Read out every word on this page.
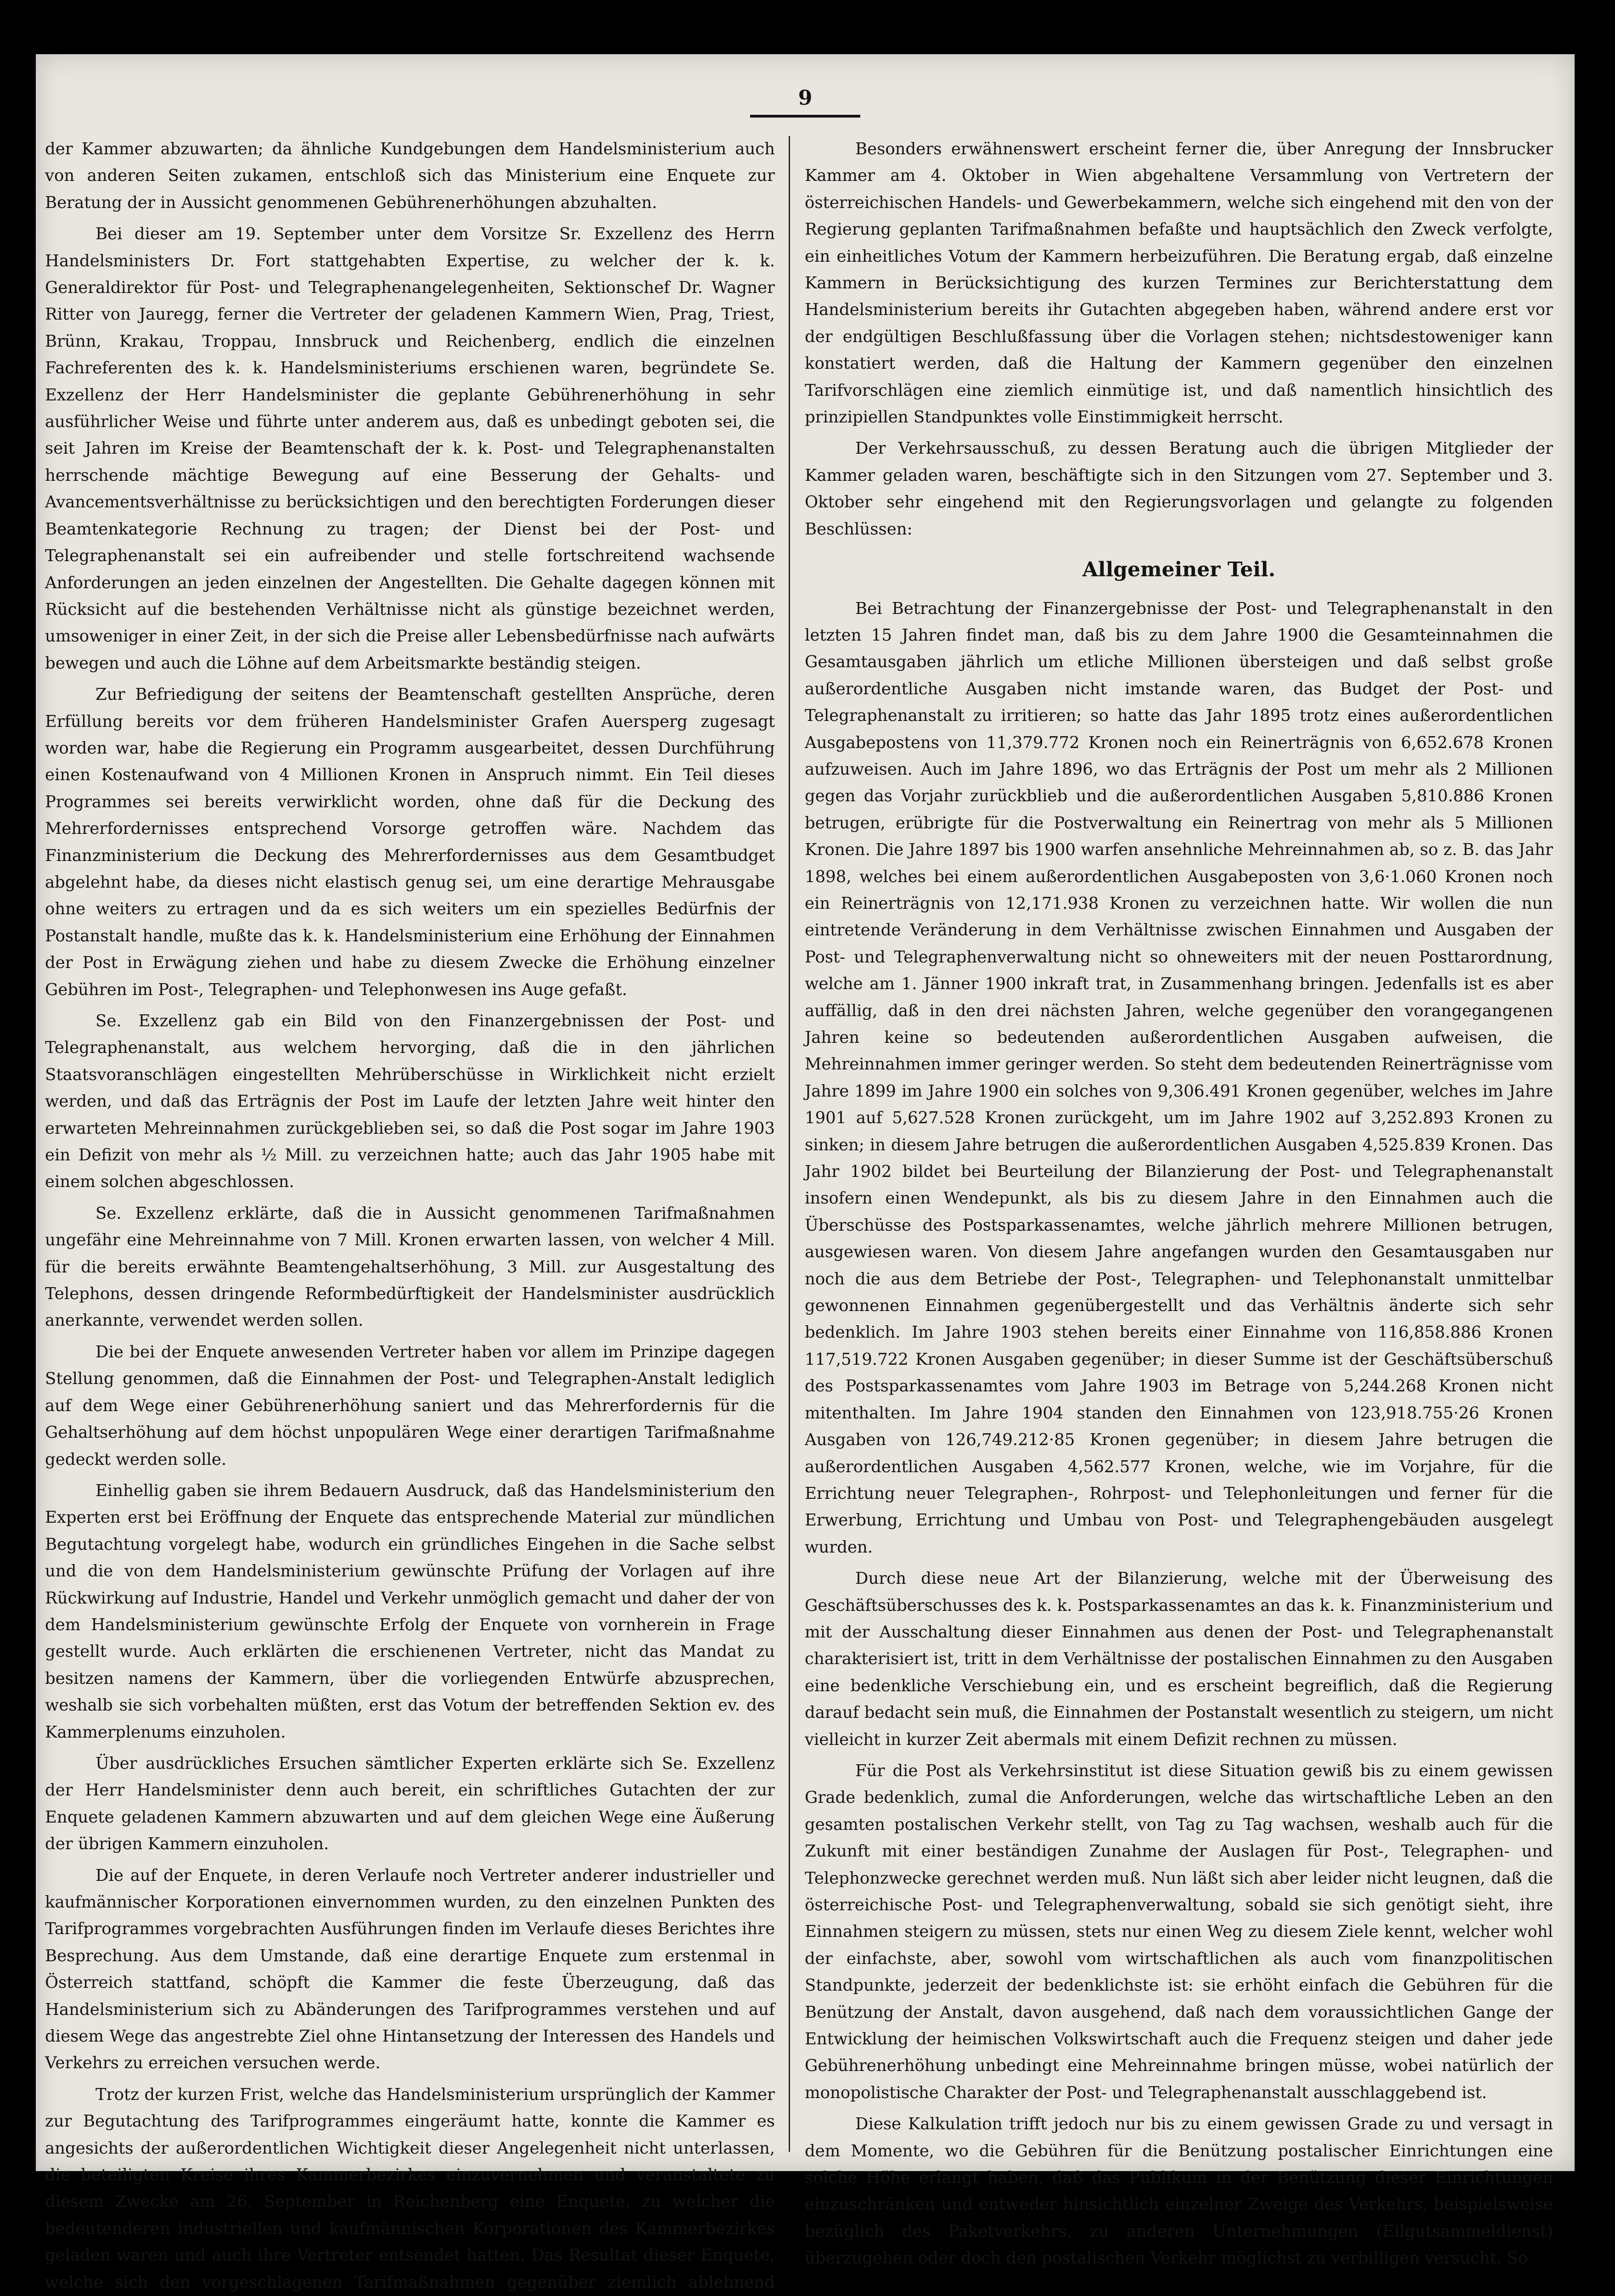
r
r
t
b
b
t
s
b
b
b
s
b
b
s
d
9

der Kammer abzuwarten; da ähnliche Kundgebungen dem Handelsministerium auch von anderen Seiten zukamen, entschloß sich das Ministerium eine Enquete zur Beratung der in Aussicht genommenen Gebührenerhöhungen abzuhalten.

Bei dieser am 19. September unter dem Vorsitze Sr. Exzellenz des Herrn Handelsministers Dr. Fort stattgehabten Expertise, zu welcher der k. k. Generaldirektor für Post- und Telegraphenangelegenheiten, Sektionschef Dr. Wagner Ritter von Jauregg, ferner die Vertreter der geladenen Kammern Wien, Prag, Triest, Brünn, Krakau, Troppau, Innsbruck und Reichenberg, endlich die einzelnen Fachreferenten des k. k. Handelsministeriums erschienen waren, begründete Se. Exzellenz der Herr Handelsminister die geplante Gebührenerhöhung in sehr ausführlicher Weise und führte unter anderem aus, daß es unbedingt geboten sei, die seit Jahren im Kreise der Beamtenschaft der k. k. Post- und Telegraphenanstalten herrschende mächtige Bewegung auf eine Besserung der Gehalts- und Avancementsverhältnisse zu berücksichtigen und den berechtigten Forderungen dieser Beamtenkategorie Rechnung zu tragen; der Dienst bei der Post- und Telegraphenanstalt sei ein aufreibender und stelle fortschreitend wachsende Anforderungen an jeden einzelnen der Angestellten. Die Gehalte dagegen können mit Rücksicht auf die bestehenden Verhältnisse nicht als günstige bezeichnet werden, umsoweniger in einer Zeit, in der sich die Preise aller Lebensbedürfnisse nach aufwärts bewegen und auch die Löhne auf dem Arbeitsmarkte beständig steigen.

Zur Befriedigung der seitens der Beamtenschaft gestellten Ansprüche, deren Erfüllung bereits vor dem früheren Handelsminister Grafen Auersperg zugesagt worden war, habe die Regierung ein Programm ausgearbeitet, dessen Durchführung einen Kostenaufwand von 4 Millionen Kronen in Anspruch nimmt. Ein Teil dieses Programmes sei bereits verwirklicht worden, ohne daß für die Deckung des Mehrerfordernisses entsprechend Vorsorge getroffen wäre. Nachdem das Finanzministerium die Deckung des Mehrerfordernisses aus dem Gesamtbudget abgelehnt habe, da dieses nicht elastisch genug sei, um eine derartige Mehrausgabe ohne weiters zu ertragen und da es sich weiters um ein spezielles Bedürfnis der Postanstalt handle, mußte das k. k. Handelsministerium eine Erhöhung der Einnahmen der Post in Erwägung ziehen und habe zu diesem Zwecke die Erhöhung einzelner Gebühren im Post-, Telegraphen- und Telephonwesen ins Auge gefaßt.

Se. Exzellenz gab ein Bild von den Finanzergebnissen der Post- und Telegraphenanstalt, aus welchem hervorging, daß die in den jährlichen Staatsvoranschlägen eingestellten Mehrüberschüsse in Wirklichkeit nicht erzielt werden, und daß das Erträgnis der Post im Laufe der letzten Jahre weit hinter den erwarteten Mehreinnahmen zurückgeblieben sei, so daß die Post sogar im Jahre 1903 ein Defizit von mehr als ½ Mill. zu verzeichnen hatte; auch das Jahr 1905 habe mit einem solchen abgeschlossen.

Se. Exzellenz erklärte, daß die in Aussicht genommenen Tarifmaßnahmen ungefähr eine Mehreinnahme von 7 Mill. Kronen erwarten lassen, von welcher 4 Mill. für die bereits erwähnte Beamtengehaltserhöhung, 3 Mill. zur Ausgestaltung des Telephons, dessen dringende Reformbedürftigkeit der Handelsminister ausdrücklich anerkannte, verwendet werden sollen.

Die bei der Enquete anwesenden Vertreter haben vor allem im Prinzipe dagegen Stellung genommen, daß die Einnahmen der Post- und Telegraphen-Anstalt lediglich auf dem Wege einer Gebührenerhöhung saniert und das Mehrerfordernis für die Gehaltserhöhung auf dem höchst unpopulären Wege einer derartigen Tarifmaßnahme gedeckt werden solle.

Einhellig gaben sie ihrem Bedauern Ausdruck, daß das Handelsministerium den Experten erst bei Eröffnung der Enquete das entsprechende Material zur mündlichen Begutachtung vorgelegt habe, wodurch ein gründliches Eingehen in die Sache selbst und die von dem Handelsministerium gewünschte Prüfung der Vorlagen auf ihre Rückwirkung auf Industrie, Handel und Verkehr unmöglich gemacht und daher der von dem Handelsministerium gewünschte Erfolg der Enquete von vornherein in Frage gestellt wurde. Auch erklärten die erschienenen Vertreter, nicht das Mandat zu besitzen namens der Kammern, über die vorliegenden Entwürfe abzusprechen, weshalb sie sich vorbehalten müßten, erst das Votum der betreffenden Sektion ev. des Kammerplenums einzuholen.

Über ausdrückliches Ersuchen sämtlicher Experten erklärte sich Se. Exzellenz der Herr Handelsminister denn auch bereit, ein schriftliches Gutachten der zur Enquete geladenen Kammern abzuwarten und auf dem gleichen Wege eine Äußerung der übrigen Kammern einzuholen.

Die auf der Enquete, in deren Verlaufe noch Vertreter anderer industrieller und kaufmännischer Korporationen einvernommen wurden, zu den einzelnen Punkten des Tarifprogrammes vorgebrachten Ausführungen finden im Verlaufe dieses Berichtes ihre Besprechung. Aus dem Umstande, daß eine derartige Enquete zum erstenmal in Österreich stattfand, schöpft die Kammer die feste Überzeugung, daß das Handelsministerium sich zu Abänderungen des Tarifprogrammes verstehen und auf diesem Wege das angestrebte Ziel ohne Hintansetzung der Interessen des Handels und Verkehrs zu erreichen versuchen werde.

Trotz der kurzen Frist, welche das Handelsministerium ursprünglich der Kammer zur Begutachtung des Tarifprogrammes eingeräumt hatte, konnte die Kammer es angesichts der außerordentlichen Wichtigkeit dieser Angelegenheit nicht unterlassen, die beteiligten Kreise ihres Kammerbezirkes einzuvernehmen und veranstaltete zu diesem Zwecke am 26. September in Reichenberg eine Enquete, zu welcher die bedeutenderen industriellen und kaufmännischen Korporationen des Kammerbezirkes geladen waren und auch ihre Vertreter entsendet hatten. Das Resultat dieser Enquete, welche sich den vorgeschlagenen Tarifmaßnahmen gegenüber ziemlich ablehnend

Besonders erwähnenswert erscheint ferner die, über Anregung der Innsbrucker Kammer am 4. Oktober in Wien abgehaltene Versammlung von Vertretern der österreichischen Handels- und Gewerbekammern, welche sich eingehend mit den von der Regierung geplanten Tarifmaßnahmen befaßte und hauptsächlich den Zweck verfolgte, ein einheitliches Votum der Kammern herbeizuführen. Die Beratung ergab, daß einzelne Kammern in Berücksichtigung des kurzen Termines zur Berichterstattung dem Handelsministerium bereits ihr Gutachten abgegeben haben, während andere erst vor der endgültigen Beschlußfassung über die Vorlagen stehen; nichtsdestoweniger kann konstatiert werden, daß die Haltung der Kammern gegenüber den einzelnen Tarifvorschlägen eine ziemlich einmütige ist, und daß namentlich hinsichtlich des prinzipiellen Standpunktes volle Einstimmigkeit herrscht.

Der Verkehrsausschuß, zu dessen Beratung auch die übrigen Mitglieder der Kammer geladen waren, beschäftigte sich in den Sitzungen vom 27. September und 3. Oktober sehr eingehend mit den Regierungsvorlagen und gelangte zu folgenden Beschlüssen:

Allgemeiner Teil.

Bei Betrachtung der Finanzergebnisse der Post- und Telegraphenanstalt in den letzten 15 Jahren findet man, daß bis zu dem Jahre 1900 die Gesamteinnahmen die Gesamtausgaben jährlich um etliche Millionen übersteigen und daß selbst große außerordentliche Ausgaben nicht imstande waren, das Budget der Post- und Telegraphenanstalt zu irritieren; so hatte das Jahr 1895 trotz eines außerordentlichen Ausgabepostens von 11,379.772 Kronen noch ein Reinerträgnis von 6,652.678 Kronen aufzuweisen. Auch im Jahre 1896, wo das Erträgnis der Post um mehr als 2 Millionen gegen das Vorjahr zurückblieb und die außerordentlichen Ausgaben 5,810.886 Kronen betrugen, erübrigte für die Postverwaltung ein Reinertrag von mehr als 5 Millionen Kronen. Die Jahre 1897 bis 1900 warfen ansehnliche Mehreinnahmen ab, so z. B. das Jahr 1898, welches bei einem außerordentlichen Ausgabeposten von 3,6·1.060 Kronen noch ein Reinerträgnis von 12,171.938 Kronen zu verzeichnen hatte. Wir wollen die nun eintretende Veränderung in dem Verhältnisse zwischen Einnahmen und Ausgaben der Post- und Telegraphenverwaltung nicht so ohneweiters mit der neuen Posttarordnung, welche am 1. Jänner 1900 inkraft trat, in Zusammenhang bringen. Jedenfalls ist es aber auffällig, daß in den drei nächsten Jahren, welche gegenüber den vorangegangenen Jahren keine so bedeutenden außerordentlichen Ausgaben aufweisen, die Mehreinnahmen immer geringer werden. So steht dem bedeutenden Reinerträgnisse vom Jahre 1899 im Jahre 1900 ein solches von 9,306.491 Kronen gegenüber, welches im Jahre 1901 auf 5,627.528 Kronen zurückgeht, um im Jahre 1902 auf 3,252.893 Kronen zu sinken; in diesem Jahre betrugen die außerordentlichen Ausgaben 4,525.839 Kronen. Das Jahr 1902 bildet bei Beurteilung der Bilanzierung der Post- und Telegraphenanstalt insofern einen Wendepunkt, als bis zu diesem Jahre in den Einnahmen auch die Überschüsse des Postsparkassenamtes, welche jährlich mehrere Millionen betrugen, ausgewiesen waren. Von diesem Jahre angefangen wurden den Gesamtausgaben nur noch die aus dem Betriebe der Post-, Telegraphen- und Telephonanstalt unmittelbar gewonnenen Einnahmen gegenübergestellt und das Verhältnis änderte sich sehr bedenklich. Im Jahre 1903 stehen bereits einer Einnahme von 116,858.886 Kronen 117,519.722 Kronen Ausgaben gegenüber; in dieser Summe ist der Geschäftsüberschuß des Postsparkassenamtes vom Jahre 1903 im Betrage von 5,244.268 Kronen nicht mitenthalten. Im Jahre 1904 standen den Einnahmen von 123,918.755·26 Kronen Ausgaben von 126,749.212·85 Kronen gegenüber; in diesem Jahre betrugen die außerordentlichen Ausgaben 4,562.577 Kronen, welche, wie im Vorjahre, für die Errichtung neuer Telegraphen-, Rohrpost- und Telephonleitungen und ferner für die Erwerbung, Errichtung und Umbau von Post- und Telegraphengebäuden ausgelegt wurden.

Durch diese neue Art der Bilanzierung, welche mit der Überweisung des Geschäftsüberschusses des k. k. Postsparkassenamtes an das k. k. Finanzministerium und mit der Ausschaltung dieser Einnahmen aus denen der Post- und Telegraphenanstalt charakterisiert ist, tritt in dem Verhältnisse der postalischen Einnahmen zu den Ausgaben eine bedenkliche Verschiebung ein, und es erscheint begreiflich, daß die Regierung darauf bedacht sein muß, die Einnahmen der Postanstalt wesentlich zu steigern, um nicht vielleicht in kurzer Zeit abermals mit einem Defizit rechnen zu müssen.

Für die Post als Verkehrsinstitut ist diese Situation gewiß bis zu einem gewissen Grade bedenklich, zumal die Anforderungen, welche das wirtschaftliche Leben an den gesamten postalischen Verkehr stellt, von Tag zu Tag wachsen, weshalb auch für die Zukunft mit einer beständigen Zunahme der Auslagen für Post-, Telegraphen- und Telephonzwecke gerechnet werden muß. Nun läßt sich aber leider nicht leugnen, daß die österreichische Post- und Telegraphenverwaltung, sobald sie sich genötigt sieht, ihre Einnahmen steigern zu müssen, stets nur einen Weg zu diesem Ziele kennt, welcher wohl der einfachste, aber, sowohl vom wirtschaftlichen als auch vom finanzpolitischen Standpunkte, jederzeit der bedenklichste ist: sie erhöht einfach die Gebühren für die Benützung der Anstalt, davon ausgehend, daß nach dem voraussichtlichen Gange der Entwicklung der heimischen Volkswirtschaft auch die Frequenz steigen und daher jede Gebührenerhöhung unbedingt eine Mehreinnahme bringen müsse, wobei natürlich der monopolistische Charakter der Post- und Telegraphenanstalt ausschlaggebend ist.

Diese Kalkulation trifft jedoch nur bis zu einem gewissen Grade zu und versagt in dem Momente, wo die Gebühren für die Benützung postalischer Einrichtungen eine solche Höhe erlangt haben, daß das Publikum in der Benützung dieser Einrichtungen einzuschränken und entweder hinsichtlich einzelner Zweige des Verkehrs, beispielsweise bezüglich des Paketverkehrs, zu anderen Unternehmungen (Eilgutsammeldienst) überzugehen oder doch den postalischen Verkehr möglichst zu verbilligen versucht. So
